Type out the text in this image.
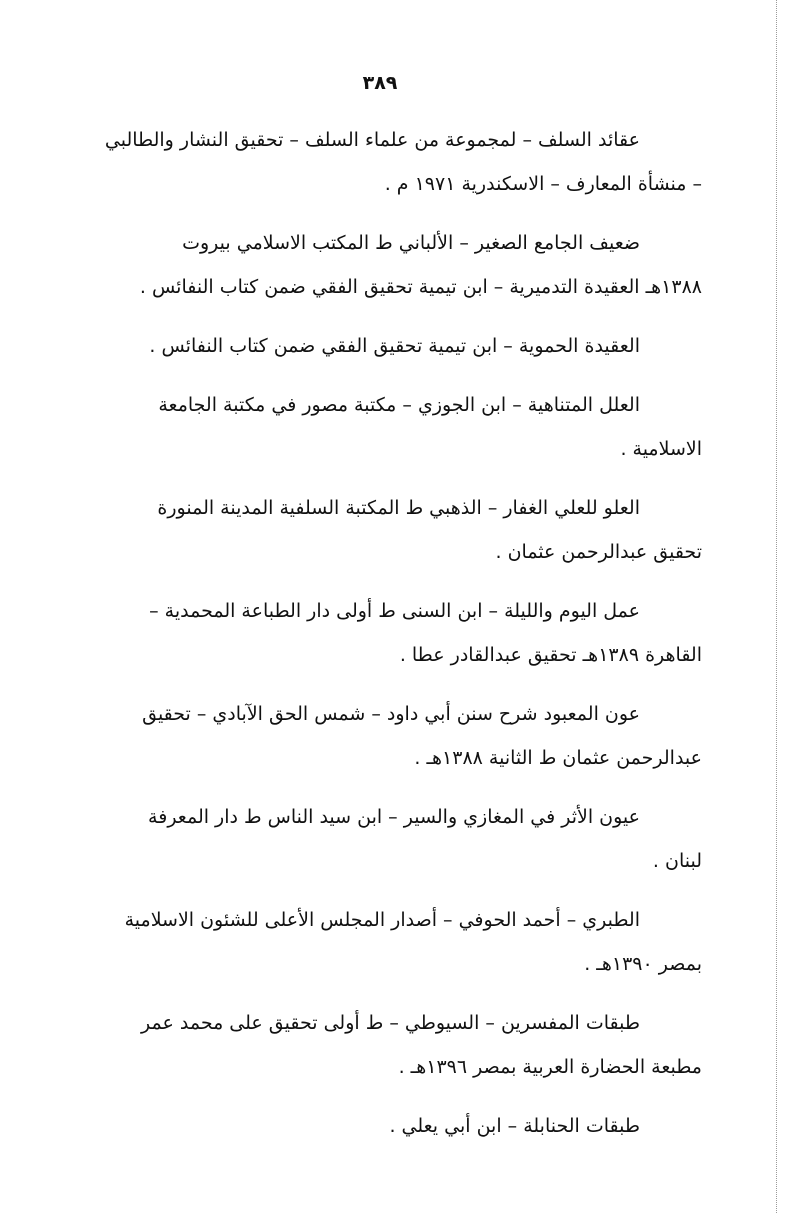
٣٨٩
عقائد السلف – لمجموعة من علماء السلف – تحقيق النشار والطالبي
– منشأة المعارف – الاسكندرية ١٩٧١ م .
ضعيف الجامع الصغير – الألباني ط المكتب الاسلامي بيروت
١٣٨٨هـ العقيدة التدميرية – ابن تيمية تحقيق الفقي ضمن كتاب النفائس .
العقيدة الحموية – ابن تيمية تحقيق الفقي ضمن كتاب النفائس .
العلل المتناهية – ابن الجوزي – مكتبة مصور في مكتبة الجامعة
الاسلامية .
العلو للعلي الغفار – الذهبي ط المكتبة السلفية المدينة المنورة
تحقيق عبدالرحمن عثمان .
عمل اليوم والليلة – ابن السنى ط أولى دار الطباعة المحمدية –
القاهرة ١٣٨٩هـ تحقيق عبدالقادر عطا .
عون المعبود شرح سنن أبي داود – شمس الحق الآبادي – تحقيق
عبدالرحمن عثمان ط الثانية ١٣٨٨هـ .
عيون الأثر في المغازي والسير – ابن سيد الناس ط دار المعرفة
لبنان .
الطبري – أحمد الحوفي – أصدار المجلس الأعلى للشئون الاسلامية
بمصر ١٣٩٠هـ .
طبقات المفسرين – السيوطي – ط أولى تحقيق على محمد عمر
مطبعة الحضارة العربية بمصر ١٣٩٦هـ .
طبقات الحنابلة – ابن أبي يعلي .
